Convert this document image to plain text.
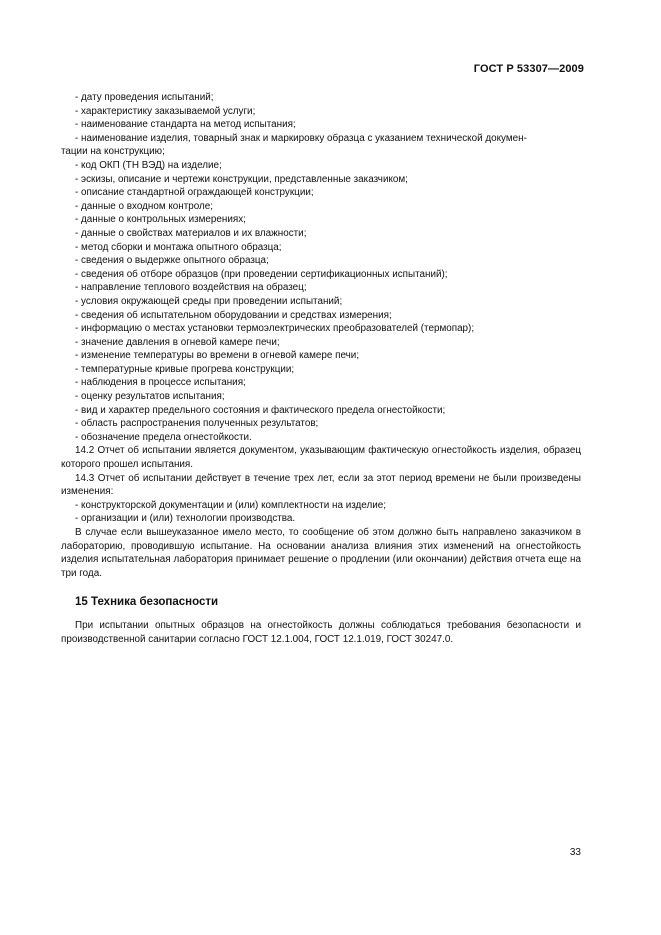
ГОСТ Р 53307—2009
- дату проведения испытаний;
- характеристику заказываемой услуги;
- наименование стандарта на метод испытания;
- наименование изделия, товарный знак и маркировку образца с указанием технической докумен-
тации на конструкцию;
- код ОКП (ТН ВЭД) на изделие;
- эскизы, описание и чертежи конструкции, представленные заказчиком;
- описание стандартной ограждающей конструкции;
- данные о входном контроле;
- данные о контрольных измерениях;
- данные о свойствах материалов и их влажности;
- метод сборки и монтажа опытного образца;
- сведения о выдержке опытного образца;
- сведения об отборе образцов (при проведении сертификационных испытаний);
- направление теплового воздействия на образец;
- условия окружающей среды при проведении испытаний;
- сведения об испытательном оборудовании и средствах измерения;
- информацию о местах установки термоэлектрических преобразователей (термопар);
- значение давления в огневой камере печи;
- изменение температуры во времени в огневой камере печи;
- температурные кривые прогрева конструкции;
- наблюдения в процессе испытания;
- оценку результатов испытания;
- вид и характер предельного состояния и фактического предела огнестойкости;
- область распространения полученных результатов;
- обозначение предела огнестойкости.

14.2 Отчет об испытании является документом, указывающим фактическую огнестойкость изделия, образец которого прошел испытания.

14.3 Отчет об испытании действует в течение трех лет, если за этот период времени не были произведены изменения:

- конструкторской документации и (или) комплектности на изделие;
- организации и (или) технологии производства.

В случае если вышеуказанное имело место, то сообщение об этом должно быть направлено заказчиком в лабораторию, проводившую испытание. На основании анализа влияния этих изменений на огнестойкость изделия испытательная лаборатория принимает решение о продлении (или окончании) действия отчета еще на три года.

15 Техника безопасности

При испытании опытных образцов на огнестойкость должны соблюдаться требования безопасности и производственной санитарии согласно ГОСТ 12.1.004, ГОСТ 12.1.019, ГОСТ 30247.0.

33
